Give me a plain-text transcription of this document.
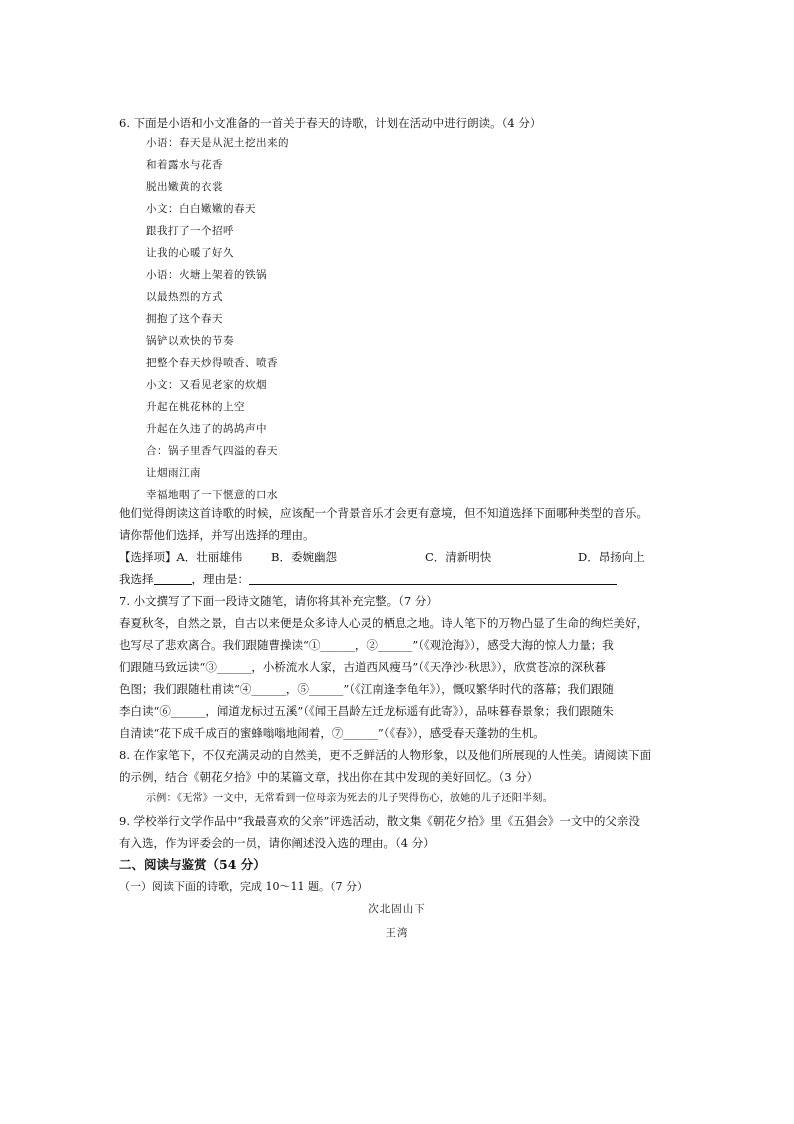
6. 下面是小语和小文准备的一首关于春天的诗歌，计划在活动中进行朗读。（4 分）
小语：春天是从泥土挖出来的
和着露水与花香
脱出嫩黄的衣裳
小文：白白嫩嫩的春天
跟我打了一个招呼
让我的心暖了好久
小语：火塘上架着的铁锅
以最热烈的方式
拥抱了这个春天
锅铲以欢快的节奏
把整个春天炒得喷香、喷香
小文：又看见老家的炊烟
升起在桃花林的上空
升起在久违了的鸪鸪声中
合：锅子里香气四溢的春天
让烟雨江南
幸福地咽了一下惬意的口水
他们觉得朗读这首诗歌的时候，应该配一个背景音乐才会更有意境，但不知道选择下面哪种类型的音乐。
请你帮他们选择，并写出选择的理由。
【选择项】A．壮丽雄伟 B．委婉幽怨	C．清新明快	D．昂扬向上
我选择	，理由是：
7. 小文撰写了下面一段诗文随笔，请你将其补充完整。（7 分）
春夏秋冬，自然之景，自古以来便是众多诗人心灵的栖息之地。诗人笔下的万物凸显了生命的绚烂美好，
也写尽了悲欢离合。我们跟随曹操读“①______，②______”（《观沧海》），感受大海的惊人力量；我
们跟随马致远读“③______，小桥流水人家，古道西风瘦马”（《天净沙·秋思》），欣赏苍凉的深秋暮
色图；我们跟随杜甫读“④______，⑤______”（《江南逢李龟年》），慨叹繁华时代的落幕；我们跟随
李白读“⑥______，闻道龙标过五溪”（《闻王昌龄左迁龙标遥有此寄》），品味暮春景象；我们跟随朱
自清读“花下成千成百的蜜蜂嗡嗡地闹着，⑦______”（《春》），感受春天蓬勃的生机。
8. 在作家笔下，不仅充满灵动的自然美，更不乏鲜活的人物形象，以及他们所展现的人性美。请阅读下面
的示例，结合《朝花夕拾》中的某篇文章，找出你在其中发现的美好回忆。（3 分）
示例：《无常》一文中，无常看到一位母亲为死去的儿子哭得伤心，放她的儿子还阳半刻。
9. 学校举行文学作品中“我最喜欢的父亲”评选活动，散文集《朝花夕拾》里《五猖会》一文中的父亲没
有入选，作为评委会的一员，请你阐述没入选的理由。（4 分）
二、阅读与鉴赏（54 分）
（一）阅读下面的诗歌，完成 10～11 题。（7 分）
次北固山下
王湾
